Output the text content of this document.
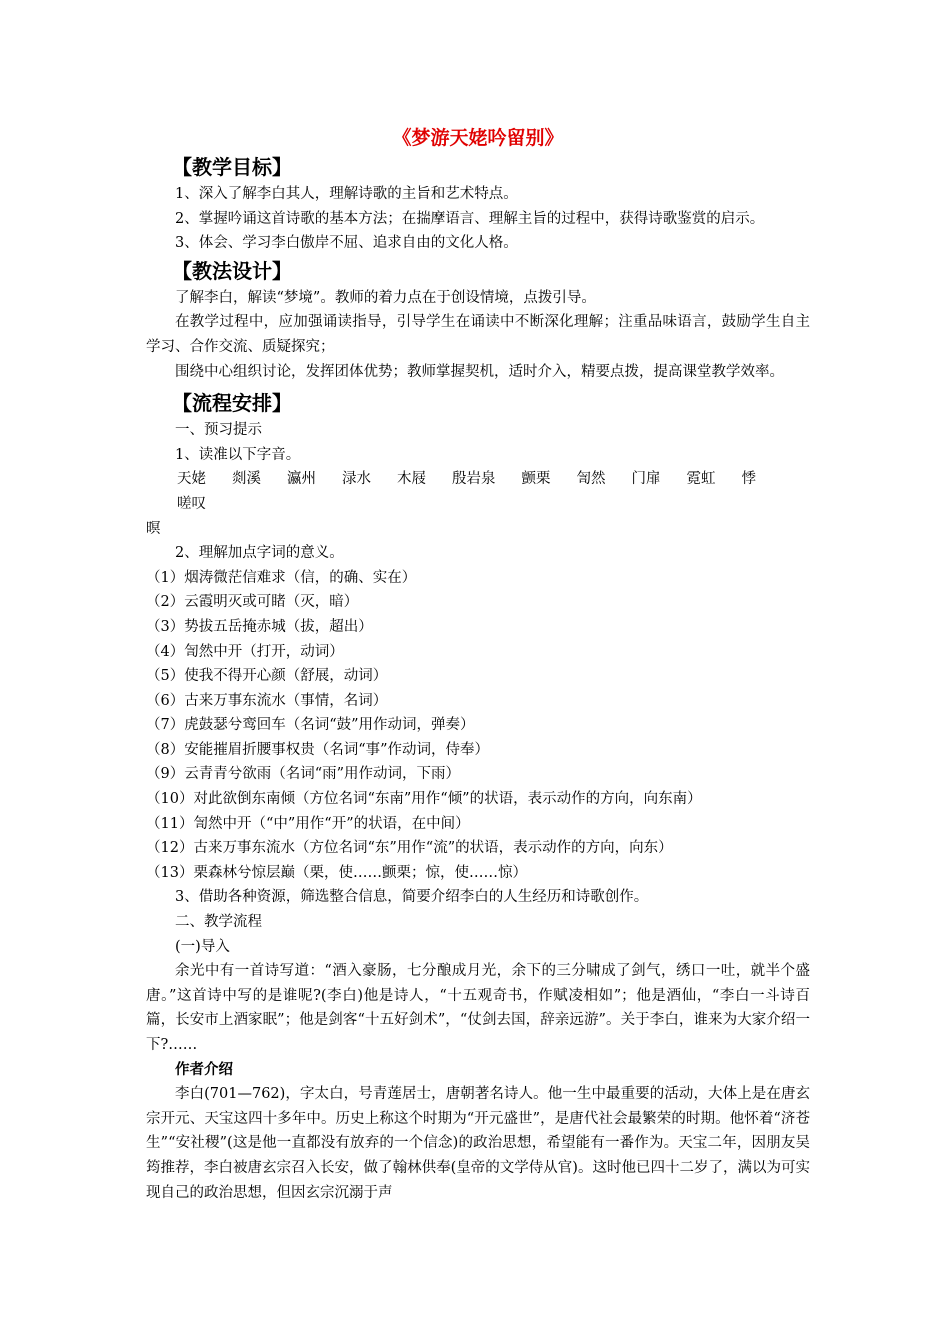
《梦游天姥吟留别》
【教学目标】

1、深入了解李白其人，理解诗歌的主旨和艺术特点。

2、掌握吟诵这首诗歌的基本方法；在揣摩语言、理解主旨的过程中，获得诗歌鉴赏的启示。

3、体会、学习李白傲岸不屈、追求自由的文化人格。

【教法设计】

了解李白，解读“梦境”。教师的着力点在于创设情境，点拨引导。

在教学过程中，应加强诵读指导，引导学生在诵读中不断深化理解；注重品味语言，鼓励学生自主学习、合作交流、质疑探究；

围绕中心组织讨论，发挥团体优势；教师掌握契机，适时介入，精要点拨，提高课堂教学效率。

【流程安排】

一、预习提示

1、读准以下字音。

天姥 剡溪 瀛州 渌水 木屐 殷岩泉 颤栗 訇然 门扉 霓虹 悸
嗟叹

暝

2、理解加点字词的意义。

（1）烟涛微茫信难求（信，的确、实在）

（2）云霞明灭或可睹（灭，暗）

（3）势拔五岳掩赤城（拔，超出）

（4）訇然中开（打开，动词）

（5）使我不得开心颜（舒展，动词）

（6）古来万事东流水（事情，名词）

（7）虎鼓瑟兮鸾回车（名词“鼓”用作动词，弹奏）

（8）安能摧眉折腰事权贵（名词“事”作动词，侍奉）

（9）云青青兮欲雨（名词“雨”用作动词，下雨）

（10）对此欲倒东南倾（方位名词“东南”用作“倾”的状语，表示动作的方向，向东南）

（11）訇然中开（“中”用作“开”的状语，在中间）

（12）古来万事东流水（方位名词“东”用作“流”的状语，表示动作的方向，向东）

（13）栗森林兮惊层巅（栗，使……颤栗；惊，使……惊）

3、借助各种资源，筛选整合信息，简要介绍李白的人生经历和诗歌创作。

二、教学流程

(一)导入

余光中有一首诗写道：“酒入豪肠，七分酿成月光，余下的三分啸成了剑气，绣口一吐，就半个盛唐。”这首诗中写的是谁呢?(李白)他是诗人，“十五观奇书，作赋凌相如”；他是酒仙，“李白一斗诗百篇，长安市上酒家眠”；他是剑客“十五好剑术”，“仗剑去国，辞亲远游”。关于李白，谁来为大家介绍一下?……

作者介绍

李白(701—762)，字太白，号青莲居士，唐朝著名诗人。他一生中最重要的活动，大体上是在唐玄宗开元、天宝这四十多年中。历史上称这个时期为“开元盛世”，是唐代社会最繁荣的时期。他怀着“济苍生”“安社稷”(这是他一直都没有放弃的一个信念)的政治思想，希望能有一番作为。天宝二年，因朋友吴筠推荐，李白被唐玄宗召入长安，做了翰林供奉(皇帝的文学侍从官)。这时他已四十二岁了，满以为可实现自己的政治思想，但因玄宗沉溺于声
